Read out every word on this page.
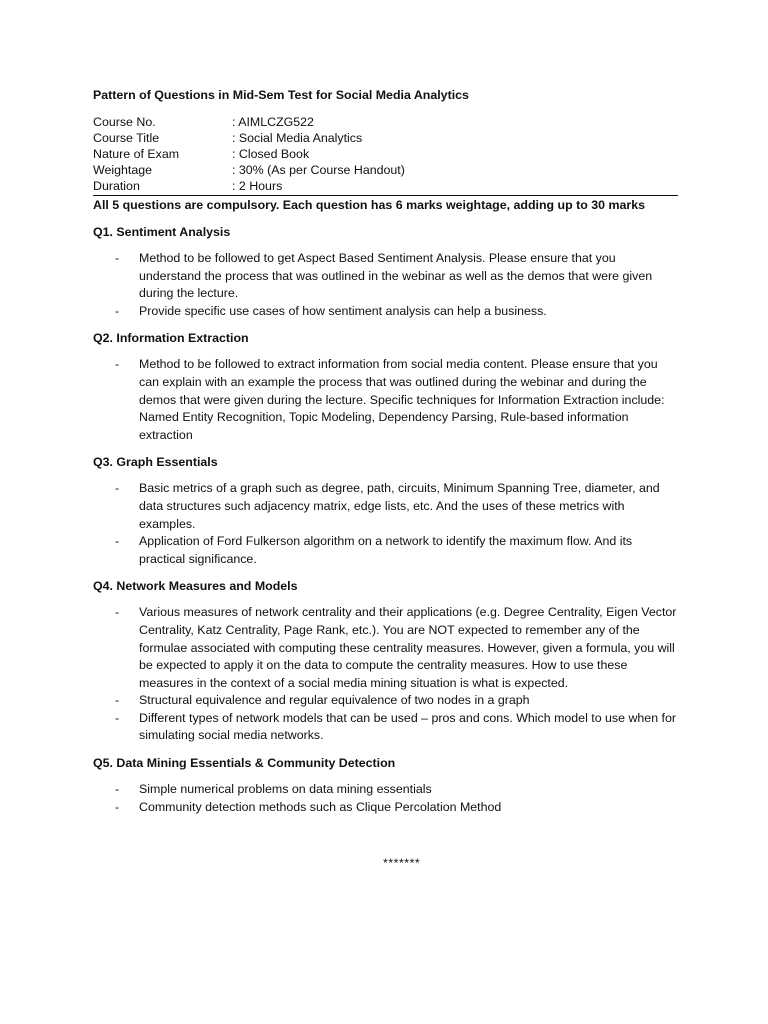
Pattern of Questions in Mid-Sem Test for Social Media Analytics
Course No.	: AIMLCZG522
Course Title	: Social Media Analytics
Nature of Exam	: Closed Book
Weightage	: 30% (As per Course Handout)
Duration	: 2 Hours
All 5 questions are compulsory. Each question has 6 marks weightage, adding up to 30 marks
Q1. Sentiment Analysis
-	Method to be followed to get Aspect Based Sentiment Analysis. Please ensure that you understand the process that was outlined in the webinar as well as the demos that were given during the lecture.
-	Provide specific use cases of how sentiment analysis can help a business.
Q2. Information Extraction
-	Method to be followed to extract information from social media content. Please ensure that you can explain with an example the process that was outlined during the webinar and during the demos that were given during the lecture. Specific techniques for Information Extraction include: Named Entity Recognition, Topic Modeling, Dependency Parsing, Rule-based information extraction
Q3. Graph Essentials
-	Basic metrics of a graph such as degree, path, circuits, Minimum Spanning Tree, diameter, and data structures such adjacency matrix, edge lists, etc. And the uses of these metrics with examples.
-	Application of Ford Fulkerson algorithm on a network to identify the maximum flow. And its practical significance.
Q4. Network Measures and Models
-	Various measures of network centrality and their applications (e.g. Degree Centrality, Eigen Vector Centrality, Katz Centrality, Page Rank, etc.). You are NOT expected to remember any of the formulae associated with computing these centrality measures. However, given a formula, you will be expected to apply it on the data to compute the centrality measures. How to use these measures in the context of a social media mining situation is what is expected.
-	Structural equivalence and regular equivalence of two nodes in a graph
-	Different types of network models that can be used – pros and cons. Which model to use when for simulating social media networks.
Q5. Data Mining Essentials & Community Detection
-	Simple numerical problems on data mining essentials
-	Community detection methods such as Clique Percolation Method
*******
